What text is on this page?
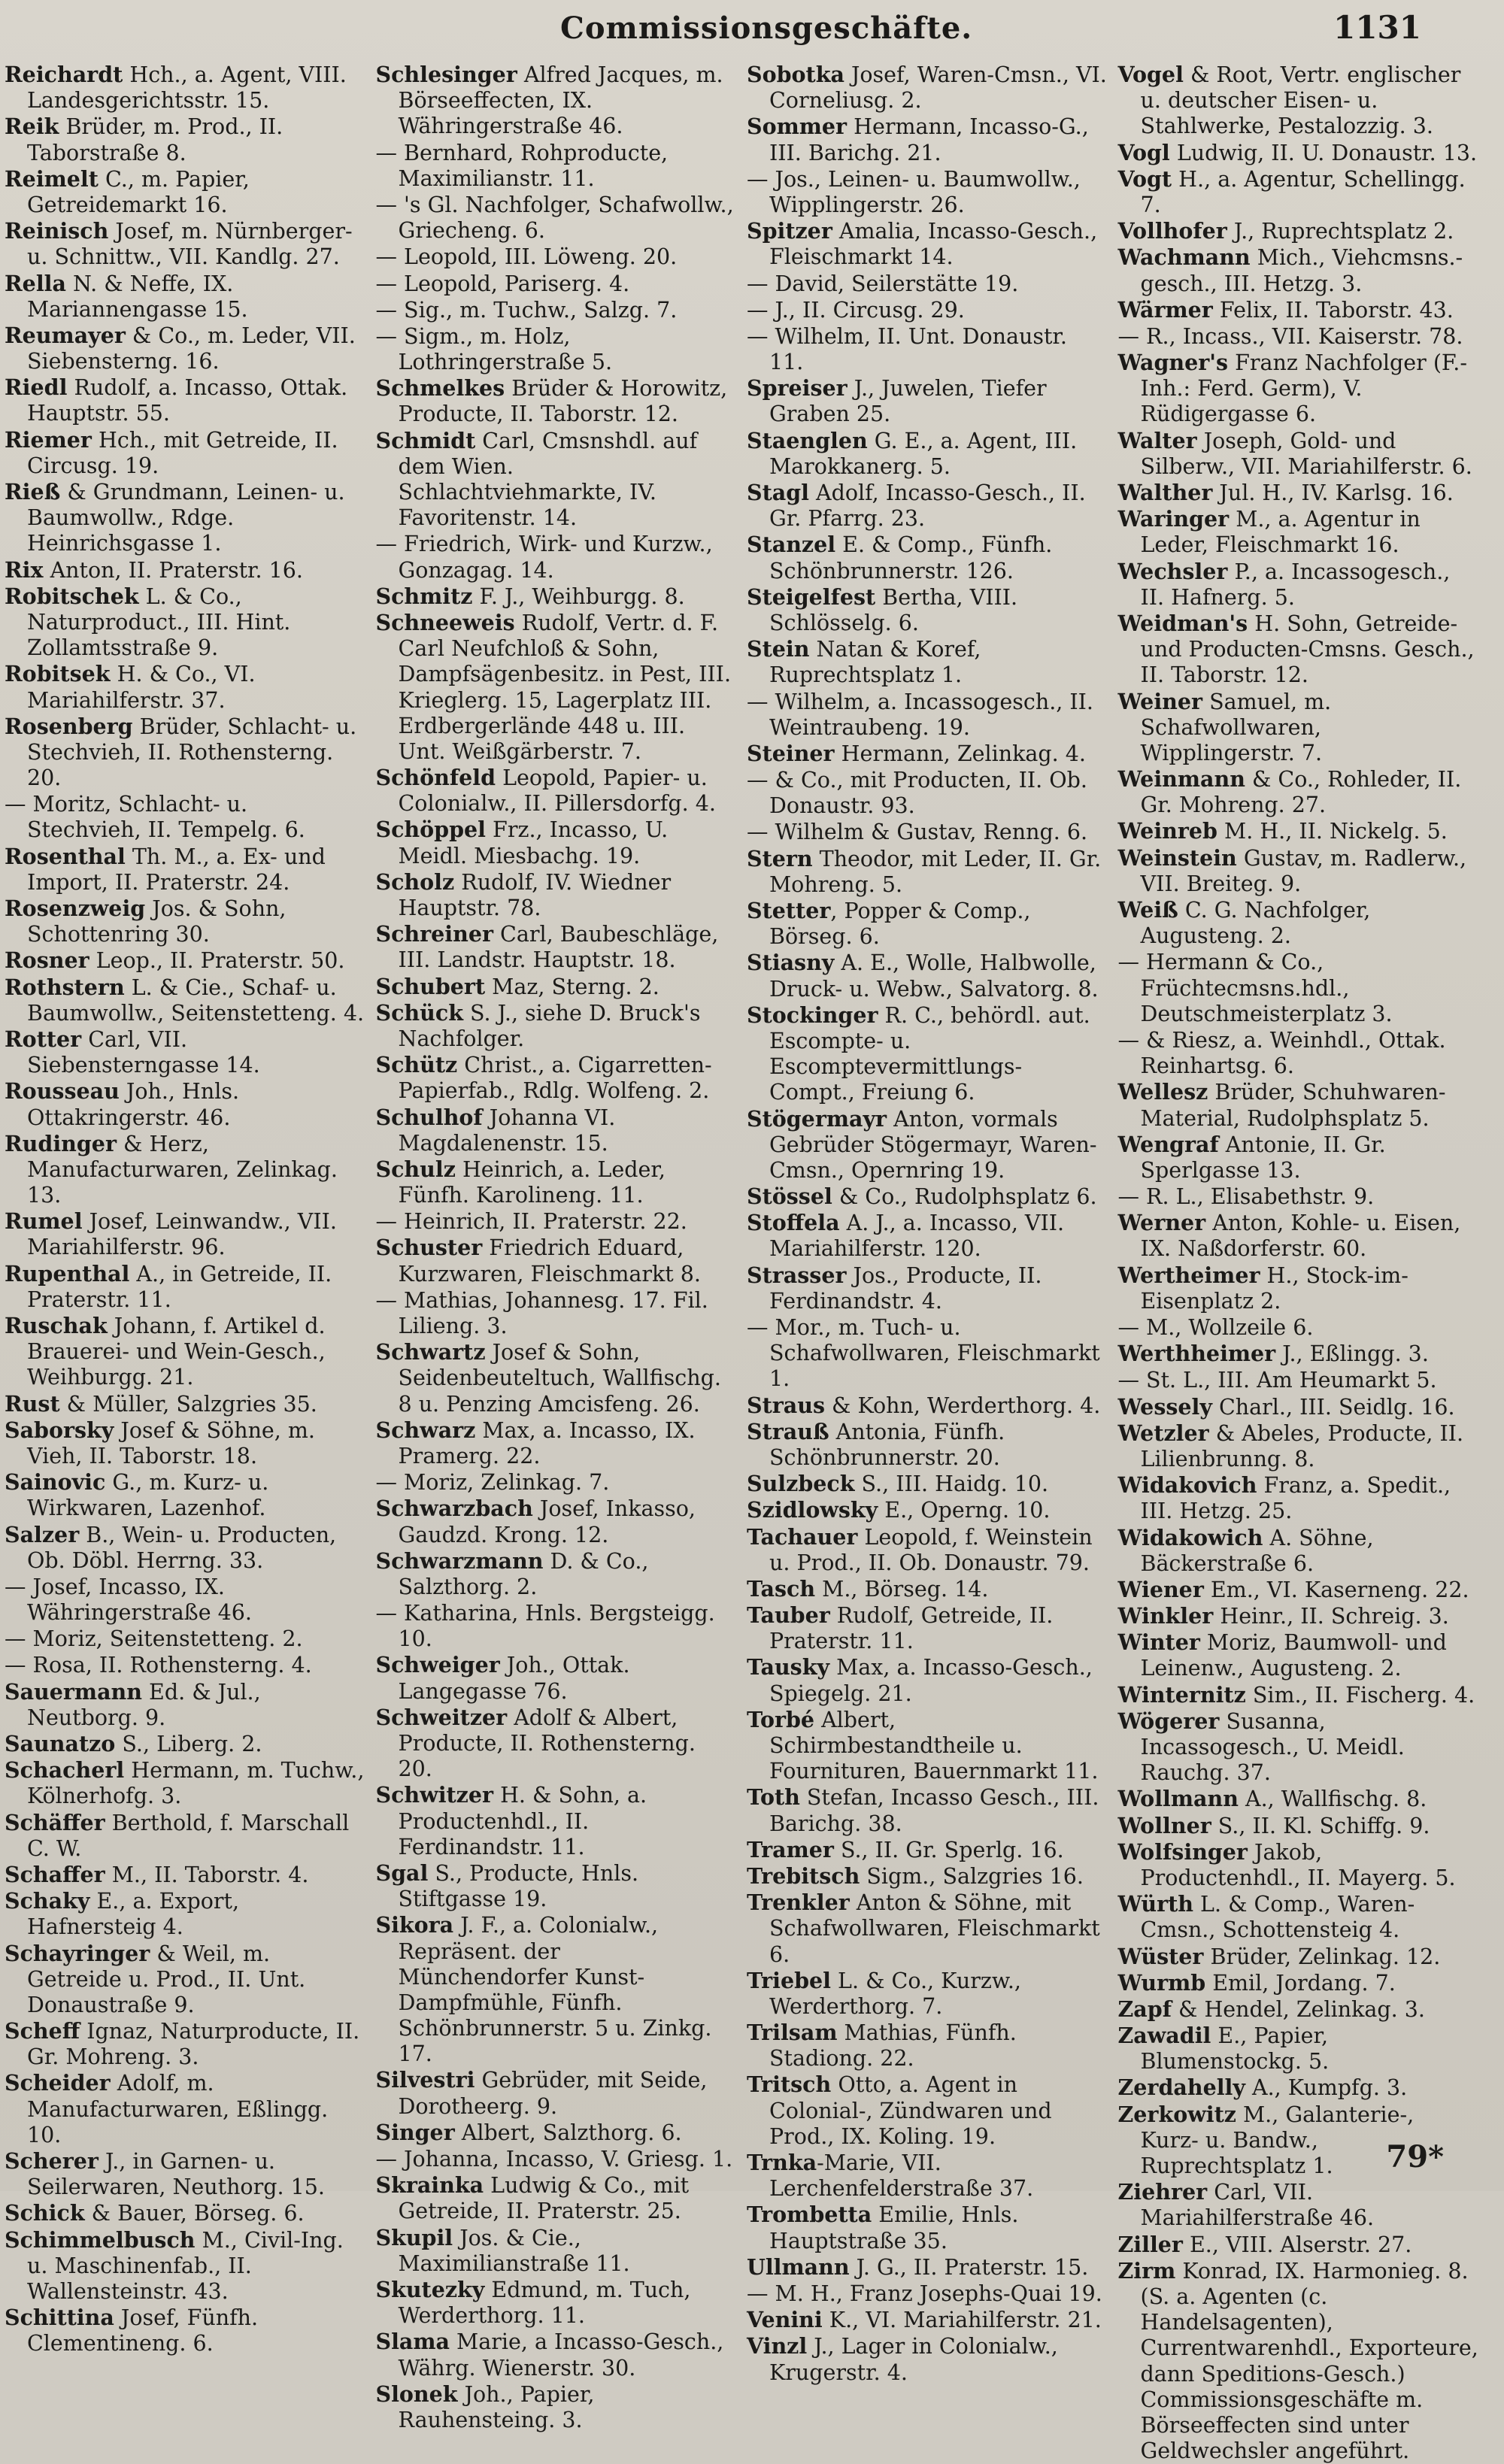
Commissionsgeschäfte.	1131

Reichardt Hch., a. Agent, VIII. Landesgerichtsstr. 15.

Reik Brüder, m. Prod., II. Taborstraße 8.

Reimelt C., m. Papier, Getreidemarkt 16.

Reinisch Josef, m. Nürnberger- u. Schnittw., VII. Kandlg. 27.

Rella N. & Neffe, IX. Mariannengasse 15.

Reumayer & Co., m. Leder, VII. Siebensterng. 16.

Riedl Rudolf, a. Incasso, Ottak. Hauptstr. 55.

Riemer Hch., mit Getreide, II. Circusg. 19.

Rieß & Grundmann, Leinen- u. Baumwollw., Rdge. Heinrichsgasse 1.

Rix Anton, II. Praterstr. 16.

Robitschek L. & Co., Naturproduct., III. Hint. Zollamtsstraße 9.

Robitsek H. & Co., VI. Mariahilferstr. 37.

Rosenberg Brüder, Schlacht- u. Stechvieh, II. Rothensterng. 20.

— Moritz, Schlacht- u. Stechvieh, II. Tempelg. 6.

Rosenthal Th. M., a. Ex- und Import, II. Praterstr. 24.

Rosenzweig Jos. & Sohn, Schottenring 30.

Rosner Leop., II. Praterstr. 50.

Rothstern L. & Cie., Schaf- u. Baumwollw., Seitenstetteng. 4.

Rotter Carl, VII. Siebensterngasse 14.

Rousseau Joh., Hnls. Ottakringerstr. 46.

Rudinger & Herz, Manufacturwaren, Zelinkag. 13.

Rumel Josef, Leinwandw., VII. Mariahilferstr. 96.

Rupenthal A., in Getreide, II. Praterstr. 11.

Ruschak Johann, f. Artikel d. Brauerei- und Wein-Gesch., Weihburgg. 21.

Rust & Müller, Salzgries 35.

Saborsky Josef & Söhne, m. Vieh, II. Taborstr. 18.

Sainovic G., m. Kurz- u. Wirkwaren, Lazenhof.

Salzer B., Wein- u. Producten, Ob. Döbl. Herrng. 33.

— Josef, Incasso, IX. Währingerstraße 46.

— Moriz, Seitenstetteng. 2.

— Rosa, II. Rothensterng. 4.

Sauermann Ed. & Jul., Neutborg. 9.

Saunatzo S., Liberg. 2.

Schacherl Hermann, m. Tuchw., Kölnerhofg. 3.

Schäffer Berthold, f. Marschall C. W.

Schaffer M., II. Taborstr. 4.

Schaky E., a. Export, Hafnersteig 4.

Schayringer & Weil, m. Getreide u. Prod., II. Unt. Donaustraße 9.

Scheff Ignaz, Naturproducte, II. Gr. Mohreng. 3.

Scheider Adolf, m. Manufacturwaren, Eßlingg. 10.

Scherer J., in Garnen- u. Seilerwaren, Neuthorg. 15.

Schick & Bauer, Börseg. 6.

Schimmelbusch M., Civil-Ing. u. Maschinenfab., II. Wallensteinstr. 43.

Schittina Josef, Fünfh. Clementineng. 6.

Schlesinger Alfred Jacques, m. Börseeffecten, IX. Währingerstraße 46.

— Bernhard, Rohproducte, Maximilianstr. 11.

— 's Gl. Nachfolger, Schafwollw., Griecheng. 6.

— Leopold, III. Löweng. 20.

— Leopold, Pariserg. 4.

— Sig., m. Tuchw., Salzg. 7.

— Sigm., m. Holz, Lothringerstraße 5.

Schmelkes Brüder & Horowitz, Producte, II. Taborstr. 12.

Schmidt Carl, Cmsnshdl. auf dem Wien. Schlachtviehmarkte, IV. Favoritenstr. 14.

— Friedrich, Wirk- und Kurzw., Gonzagag. 14.

Schmitz F. J., Weihburgg. 8.

Schneeweis Rudolf, Vertr. d. F. Carl Neufchloß & Sohn, Dampfsägenbesitz. in Pest, III. Krieglerg. 15, Lagerplatz III. Erdbergerlände 448 u. III. Unt. Weißgärberstr. 7.

Schönfeld Leopold, Papier- u. Colonialw., II. Pillersdorfg. 4.

Schöppel Frz., Incasso, U. Meidl. Miesbachg. 19.

Scholz Rudolf, IV. Wiedner Hauptstr. 78.

Schreiner Carl, Baubeschläge, III. Landstr. Hauptstr. 18.

Schubert Maz, Sterng. 2.

Schück S. J., siehe D. Bruck's Nachfolger.

Schütz Christ., a. Cigarretten-Papierfab., Rdlg. Wolfeng. 2.

Schulhof Johanna VI. Magdalenenstr. 15.

Schulz Heinrich, a. Leder, Fünfh. Karolineng. 11.

— Heinrich, II. Praterstr. 22.

Schuster Friedrich Eduard, Kurzwaren, Fleischmarkt 8.

— Mathias, Johannesg. 17. Fil. Lilieng. 3.

Schwartz Josef & Sohn, Seidenbeuteltuch, Wallfischg. 8 u. Penzing Amcisfeng. 26.

Schwarz Max, a. Incasso, IX. Pramerg. 22.

— Moriz, Zelinkag. 7.

Schwarzbach Josef, Inkasso, Gaudzd. Krong. 12.

Schwarzmann D. & Co., Salzthorg. 2.

— Katharina, Hnls. Bergsteigg. 10.

Schweiger Joh., Ottak. Langegasse 76.

Schweitzer Adolf & Albert, Producte, II. Rothensterng. 20.

Schwitzer H. & Sohn, a. Productenhdl., II. Ferdinandstr. 11.

Sgal S., Producte, Hnls. Stiftgasse 19.

Sikora J. F., a. Colonialw., Repräsent. der Münchendorfer Kunst-Dampfmühle, Fünfh. Schönbrunnerstr. 5 u. Zinkg. 17.

Silvestri Gebrüder, mit Seide, Dorotheerg. 9.

Singer Albert, Salzthorg. 6.

— Johanna, Incasso, V. Griesg. 1.

Skrainka Ludwig & Co., mit Getreide, II. Praterstr. 25.

Skupil Jos. & Cie., Maximilianstraße 11.

Skutezky Edmund, m. Tuch, Werderthorg. 11.

Slama Marie, a Incasso-Gesch., Währg. Wienerstr. 30.

Slonek Joh., Papier, Rauhensteing. 3.

Sobotka Josef, Waren-Cmsn., VI. Corneliusg. 2.

Sommer Hermann, Incasso-G., III. Barichg. 21.

— Jos., Leinen- u. Baumwollw., Wipplingerstr. 26.

Spitzer Amalia, Incasso-Gesch., Fleischmarkt 14.

— David, Seilerstätte 19.

— J., II. Circusg. 29.

— Wilhelm, II. Unt. Donaustr. 11.

Spreiser J., Juwelen, Tiefer Graben 25.

Staenglen G. E., a. Agent, III. Marokkanerg. 5.

Stagl Adolf, Incasso-Gesch., II. Gr. Pfarrg. 23.

Stanzel E. & Comp., Fünfh. Schönbrunnerstr. 126.

Steigelfest Bertha, VIII. Schlösselg. 6.

Stein Natan & Koref, Ruprechtsplatz 1.

— Wilhelm, a. Incassogesch., II. Weintraubeng. 19.

Steiner Hermann, Zelinkag. 4.

— & Co., mit Producten, II. Ob. Donaustr. 93.

— Wilhelm & Gustav, Renng. 6.

Stern Theodor, mit Leder, II. Gr. Mohreng. 5.

Stetter, Popper & Comp., Börseg. 6.

Stiasny A. E., Wolle, Halbwolle, Druck- u. Webw., Salvatorg. 8.

Stockinger R. C., behördl. aut. Escompte- u. Escomptevermittlungs-Compt., Freiung 6.

Stögermayr Anton, vormals Gebrüder Stögermayr, Waren-Cmsn., Opernring 19.

Stössel & Co., Rudolphsplatz 6.

Stoffela A. J., a. Incasso, VII. Mariahilferstr. 120.

Strasser Jos., Producte, II. Ferdinandstr. 4.

— Mor., m. Tuch- u. Schafwollwaren, Fleischmarkt 1.

Straus & Kohn, Werderthorg. 4.

Strauß Antonia, Fünfh. Schönbrunnerstr. 20.

Sulzbeck S., III. Haidg. 10.

Szidlowsky E., Operng. 10.

Tachauer Leopold, f. Weinstein u. Prod., II. Ob. Donaustr. 79.

Tasch M., Börseg. 14.

Tauber Rudolf, Getreide, II. Praterstr. 11.

Tausky Max, a. Incasso-Gesch., Spiegelg. 21.

Torbé Albert, Schirmbestandtheile u. Fournituren, Bauernmarkt 11.

Toth Stefan, Incasso Gesch., III. Barichg. 38.

Tramer S., II. Gr. Sperlg. 16.

Trebitsch Sigm., Salzgries 16.

Trenkler Anton & Söhne, mit Schafwollwaren, Fleischmarkt 6.

Triebel L. & Co., Kurzw., Werderthorg. 7.

Trilsam Mathias, Fünfh. Stadiong. 22.

Tritsch Otto, a. Agent in Colonial-, Zündwaren und Prod., IX. Koling. 19.

Trnka-Marie, VII. Lerchenfelderstraße 37.

Trombetta Emilie, Hnls. Hauptstraße 35.

Ullmann J. G., II. Praterstr. 15.

— M. H., Franz Josephs-Quai 19.

Venini K., VI. Mariahilferstr. 21.

Vinzl J., Lager in Colonialw., Krugerstr. 4.

Vogel & Root, Vertr. englischer u. deutscher Eisen- u. Stahlwerke, Pestalozzig. 3.

Vogl Ludwig, II. U. Donaustr. 13.

Vogt H., a. Agentur, Schellingg. 7.

Vollhofer J., Ruprechtsplatz 2.

Wachmann Mich., Viehcmsns.-gesch., III. Hetzg. 3.

Wärmer Felix, II. Taborstr. 43.

— R., Incass., VII. Kaiserstr. 78.

Wagner's Franz Nachfolger (F.-Inh.: Ferd. Germ), V. Rüdigergasse 6.

Walter Joseph, Gold- und Silberw., VII. Mariahilferstr. 6.

Walther Jul. H., IV. Karlsg. 16.

Waringer M., a. Agentur in Leder, Fleischmarkt 16.

Wechsler P., a. Incassogesch., II. Hafnerg. 5.

Weidman's H. Sohn, Getreide- und Producten-Cmsns. Gesch., II. Taborstr. 12.

Weiner Samuel, m. Schafwollwaren, Wipplingerstr. 7.

Weinmann & Co., Rohleder, II. Gr. Mohreng. 27.

Weinreb M. H., II. Nickelg. 5.

Weinstein Gustav, m. Radlerw., VII. Breiteg. 9.

Weiß C. G. Nachfolger, Augusteng. 2.

— Hermann & Co., Früchtecmsns.hdl., Deutschmeisterplatz 3.

— & Riesz, a. Weinhdl., Ottak. Reinhartsg. 6.

Wellesz Brüder, Schuhwaren-Material, Rudolphsplatz 5.

Wengraf Antonie, II. Gr. Sperlgasse 13.

— R. L., Elisabethstr. 9.

Werner Anton, Kohle- u. Eisen, IX. Naßdorferstr. 60.

Wertheimer H., Stock-im-Eisenplatz 2.

— M., Wollzeile 6.

Werthheimer J., Eßlingg. 3.

— St. L., III. Am Heumarkt 5.

Wessely Charl., III. Seidlg. 16.

Wetzler & Abeles, Producte, II. Lilienbrunng. 8.

Widakovich Franz, a. Spedit., III. Hetzg. 25.

Widakowich A. Söhne, Bäckerstraße 6.

Wiener Em., VI. Kaserneng. 22.

Winkler Heinr., II. Schreig. 3.

Winter Moriz, Baumwoll- und Leinenw., Augusteng. 2.

Winternitz Sim., II. Fischerg. 4.

Wögerer Susanna, Incassogesch., U. Meidl. Rauchg. 37.

Wollmann A., Wallfischg. 8.

Wollner S., II. Kl. Schiffg. 9.

Wolfsinger Jakob, Productenhdl., II. Mayerg. 5.

Würth L. & Comp., Waren-Cmsn., Schottensteig 4.

Wüster Brüder, Zelinkag. 12.

Wurmb Emil, Jordang. 7.

Zapf & Hendel, Zelinkag. 3.

Zawadil E., Papier, Blumenstockg. 5.

Zerdahelly A., Kumpfg. 3.

Zerkowitz M., Galanterie-, Kurz- u. Bandw., Ruprechtsplatz 1.

Ziehrer Carl, VII. Mariahilferstraße 46.

Ziller E., VIII. Alserstr. 27.

Zirm Konrad, IX. Harmonieg. 8. (S. a. Agenten (c. Handelsagenten), Currentwarenhdl., Exporteure, dann Speditions-Gesch.) Commissionsgeschäfte m. Börseeffecten sind unter Geldwechsler angeführt.

79*
